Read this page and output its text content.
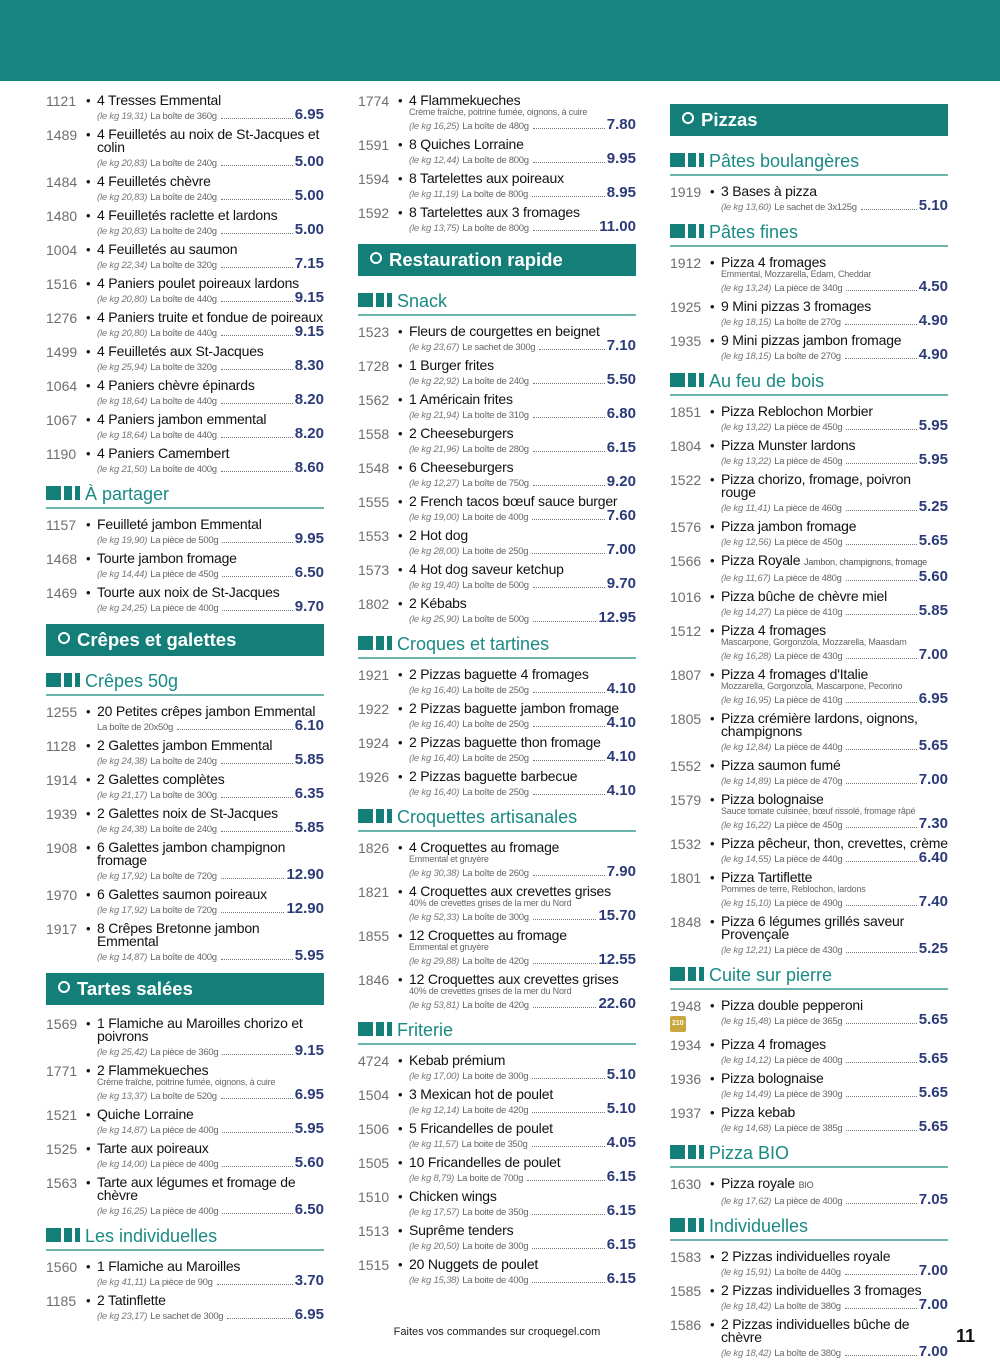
1121 • 4 Tresses Emmental
(le kg 19,31) La boîte de 360g	6.95
1489 • 4 Feuilletés au noix de St-Jacques et colin
(le kg 20,83) La boîte de 240g	5.00
1484 • 4 Feuilletés chèvre
(le kg 20,83) La boîte de 240g	5.00
1480 • 4 Feuilletés raclette et lardons
(le kg 20,83) La boîte de 240g	5.00
1004 • 4 Feuilletés au saumon
(le kg 22,34) La boîte de 320g	7.15
1516 • 4 Paniers poulet poireaux lardons
(le kg 20,80) La boîte de 440g	9.15
1276 • 4 Paniers truite et fondue de poireaux
(le kg 20,80) La boîte de 440g	9.15
1499 • 4 Feuilletés aux St-Jacques
(le kg 25,94) La boîte de 320g	8.30
1064 • 4 Paniers chèvre épinards
(le kg 18,64) La boîte de 440g	8.20
1067 • 4 Paniers jambon emmental
(le kg 18,64) La boîte de 440g	8.20
1190 • 4 Paniers Camembert
(le kg 21,50) La boîte de 400g	8.60
À partager
1157 • Feuilleté jambon Emmental
(le kg 19,90) La pièce de 500g	9.95
1468 • Tourte jambon fromage
(le kg 14,44) La pièce de 450g	6.50
1469 • Tourte aux noix de St-Jacques
(le kg 24,25) La pièce de 400g	9.70
Crêpes et galettes
Crêpes 50g
1255 • 20 Petites crêpes jambon Emmental
La boîte de 20x50g	6.10
1128 • 2 Galettes jambon Emmental
(le kg 24,38) La boîte de 240g	5.85
1914 • 2 Galettes complètes
(le kg 21,17) La boîte de 300g	6.35
1939 • 2 Galettes noix de St-Jacques
(le kg 24,38) La boîte de 240g	5.85
1908 • 6 Galettes jambon champignon fromage
(le kg 17,92) La boîte de 720g	12.90
1970 • 6 Galettes saumon poireaux
(le kg 17,92) La boîte de 720g	12.90
1917 • 8 Crêpes Bretonne jambon Emmental
(le kg 14,87) La boîte de 400g	5.95
Tartes salées
1569 • 1 Flamiche au Maroilles chorizo et poivrons
(le kg 25,42) La pièce de 360g	9.15
1771 • 2 Flammekueches
Crème fraîche, poitrine fumée, oignons, à cuire
(le kg 13,37) La boîte de 520g	6.95
1521 • Quiche Lorraine
(le kg 14,87) La pièce de 400g	5.95
1525 • Tarte aux poireaux
(le kg 14,00) La pièce de 400g	5.60
1563 • Tarte aux légumes et fromage de chèvre
(le kg 16,25) La pièce de 400g	6.50
Les individuelles
1560 • 1 Flamiche au Maroilles
(le kg 41,11) La pièce de 90g	3.70
1185 • 2 Tatinflette
(le kg 23,17) Le sachet de 300g	6.95
1774 • 4 Flammekueches
Crème fraîche, poitrine fumée, oignons, à cuire
(le kg 16,25) La boîte de 480g	7.80
1591 • 8 Quiches Lorraine
(le kg 12,44) La boîte de 800g	9.95
1594 • 8 Tartelettes aux poireaux
(le kg 11,19) La boîte de 800g	8.95
1592 • 8 Tartelettes aux 3 fromages
(le kg 13,75) La boîte de 800g	11.00
Restauration rapide
Snack
1523 • Fleurs de courgettes en beignet
(le kg 23,67) Le sachet de 300g	7.10
1728 • 1 Burger frites
(le kg 22,92) La boîte de 240g	5.50
1562 • 1 Américain frites
(le kg 21,94) La boîte de 310g	6.80
1558 • 2 Cheeseburgers
(le kg 21,96) La boîte de 280g	6.15
1548 • 6 Cheeseburgers
(le kg 12,27) La boîte de 750g	9.20
1555 • 2 French tacos bœuf sauce burger
(le kg 19,00) La boite de 400g	7.60
1553 • 2 Hot dog
(le kg 28,00) La boite de 250g	7.00
1573 • 4 Hot dog saveur ketchup
(le kg 19,40) La boîte de 500g	9.70
1802 • 2 Kébabs
(le kg 25,90) La boîte de 500g	12.95
Croques et tartines
1921 • 2 Pizzas baguette 4 fromages
(le kg 16,40) La boîte de 250g	4.10
1922 • 2 Pizzas baguette jambon fromage
(le kg 16,40) La boîte de 250g	4.10
1924 • 2 Pizzas baguette thon fromage
(le kg 16,40) La boîte de 250g	4.10
1926 • 2 Pizzas baguette barbecue
(le kg 16,40) La boîte de 250g	4.10
Croquettes artisanales
1826 • 4 Croquettes au fromage
Emmental et gruyère
(le kg 30,38) La boîte de 260g	7.90
1821 • 4 Croquettes aux crevettes grises
40% de crevettes grises de la mer du Nord
(le kg 52,33) La boîte de 300g	15.70
1855 • 12 Croquettes au fromage
Emmental et gruyère
(le kg 29,88) La boîte de 420g	12.55
1846 • 12 Croquettes aux crevettes grises
40% de crevettes grises de la mer du Nord
(le kg 53,81) La boîte de 420g	22.60
Friterie
4724 • Kebab prémium
(le kg 17,00) La boite de 300g	5.10
1504 • 3 Mexican hot de poulet
(le kg 12,14) La boite de 420g	5.10
1506 • 5 Fricandelles de poulet
(le kg 11,57) La boite de 350g	4.05
1505 • 10 Fricandelles de poulet
(le kg 8,79) La boite de 700g	6.15
1510 • Chicken wings
(le kg 17,57) La boite de 350g	6.15
1513 • Suprême tenders
(le kg 20,50) La boite de 300g	6.15
1515 • 20 Nuggets de poulet
(le kg 15,38) La boite de 400g	6.15
Pizzas
Pâtes boulangères
1919 • 3 Bases à pizza
(le kg 13,60) Le sachet de 3x125g	5.10
Pâtes fines
1912 • Pizza 4 fromages
Emmental, Mozzarella, Edam, Cheddar
(le kg 13,24) La pièce de 340g	4.50
1925 • 9 Mini pizzas 3 fromages
(le kg 18,15) La boîte de 270g	4.90
1935 • 9 Mini pizzas jambon fromage
(le kg 18,15) La boîte de 270g	4.90
Au feu de bois
1851 • Pizza Reblochon Morbier
(le kg 13,22) La pièce de 450g	5.95
1804 • Pizza Munster lardons
(le kg 13,22) La pièce de 450g	5.95
1522 • Pizza chorizo, fromage, poivron rouge
(le kg 11,41) La pièce de 460g	5.25
1576 • Pizza jambon fromage
(le kg 12,56) La pièce de 450g	5.65
1566 • Pizza Royale Jambon, champignons, fromage
(le kg 11,67) La pièce de 480g	5.60
1016 • Pizza bûche de chèvre miel
(le kg 14,27) La pièce de 410g	5.85
1512 • Pizza 4 fromages
Mascarpone, Gorgonzola, Mozzarella, Maasdam
(le kg 16,28) La pièce de 430g	7.00
1807 • Pizza 4 fromages d'Italie
Mozzarella, Gorgonzola, Mascarpone, Pecorino
(le kg 16,95) La pièce de 410g	6.95
1805 • Pizza crémière lardons, oignons, champignons
(le kg 12,84) La pièce de 440g	5.65
1552 • Pizza saumon fumé
(le kg 14,89) La pièce de 470g	7.00
1579 • Pizza bolognaise
Sauce tomate cuisinée, bœuf rissolé, fromage râpé
(le kg 16,22) La pièce de 450g	7.30
1532 • Pizza pêcheur, thon, crevettes, crème
(le kg 14,55) La pièce de 440g	6.40
1801 • Pizza Tartiflette
Pommes de terre, Reblochon, lardons
(le kg 15,10) La pièce de 490g	7.40
1848 • Pizza 6 légumes grillés saveur Provençale
(le kg 12,21) La pièce de 430g	5.25
Cuite sur pierre
1948
210
• Pizza double pepperoni
(le kg 15,48) La pièce de 365g	5.65
1934 • Pizza 4 fromages
(le kg 14,12) La pièce de 400g	5.65
1936 • Pizza bolognaise
(le kg 14,49) La pièce de 390g	5.65
1937 • Pizza kebab
(le kg 14,68) La pièce de 385g	5.65
Pizza BIO
1630 • Pizza royale BIO
(le kg 17,62) La pièce de 400g	7.05
Individuelles
1583 • 2 Pizzas individuelles royale
(le kg 15,91) La boîte de 440g	7.00
1585 • 2 Pizzas individuelles 3 fromages
(le kg 18,42) La boîte de 380g	7.00
1586 • 2 Pizzas individuelles bûche de chèvre
(le kg 18,42) La boîte de 380g	7.00
Faites vos commandes sur croquegel.com	11
